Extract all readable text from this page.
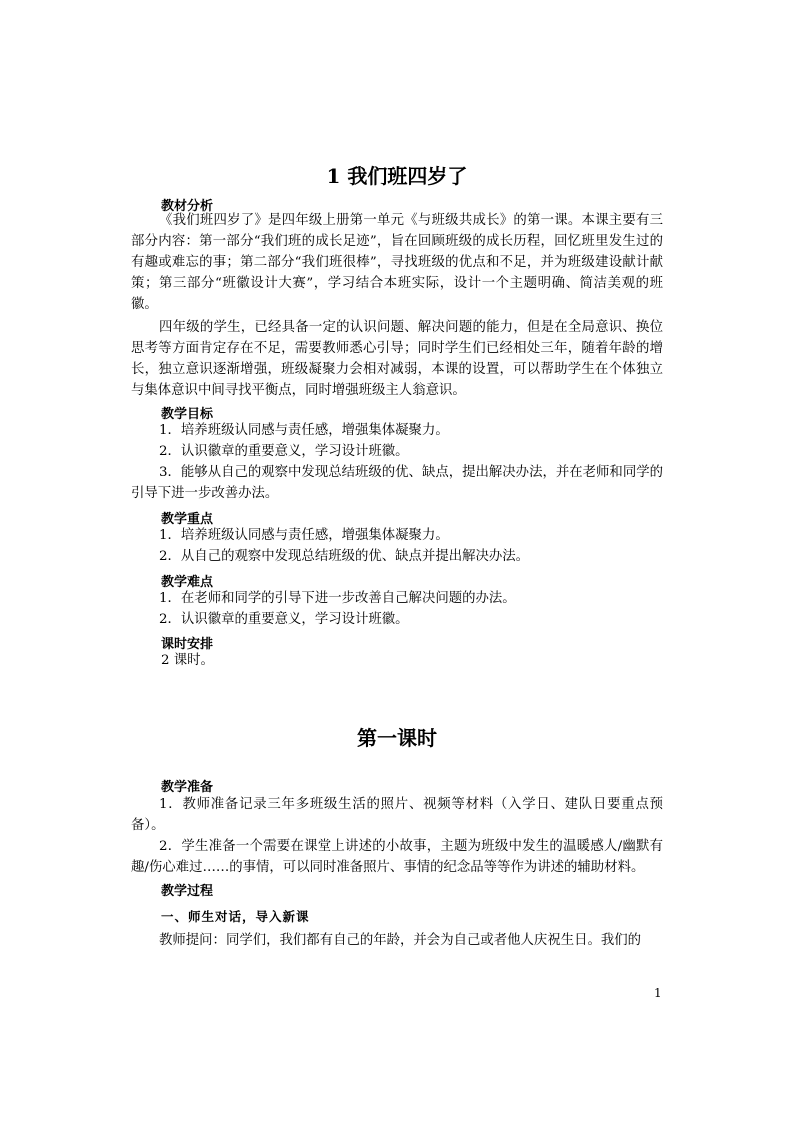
1 我们班四岁了
教材分析
《我们班四岁了》是四年级上册第一单元《与班级共成长》的第一课。本课主要有三部分内容：第一部分“我们班的成长足迹”，旨在回顾班级的成长历程，回忆班里发生过的有趣或难忘的事；第二部分“我们班很棒”，寻找班级的优点和不足，并为班级建设献计献策；第三部分“班徽设计大赛”，学习结合本班实际，设计一个主题明确、简洁美观的班徽。
四年级的学生，已经具备一定的认识问题、解决问题的能力，但是在全局意识、换位思考等方面肯定存在不足，需要教师悉心引导；同时学生们已经相处三年，随着年龄的增长，独立意识逐渐增强，班级凝聚力会相对减弱，本课的设置，可以帮助学生在个体独立与集体意识中间寻找平衡点，同时增强班级主人翁意识。
教学目标
1．培养班级认同感与责任感，增强集体凝聚力。
2．认识徽章的重要意义，学习设计班徽。
3．能够从自己的观察中发现总结班级的优、缺点，提出解决办法，并在老师和同学的引导下进一步改善办法。
教学重点
1．培养班级认同感与责任感，增强集体凝聚力。
2．从自己的观察中发现总结班级的优、缺点并提出解决办法。
教学难点
1．在老师和同学的引导下进一步改善自己解决问题的办法。
2．认识徽章的重要意义，学习设计班徽。
课时安排
2 课时。
第一课时
教学准备
1．教师准备记录三年多班级生活的照片、视频等材料（入学日、建队日要重点预备）。
2．学生准备一个需要在课堂上讲述的小故事，主题为班级中发生的温暖感人/幽默有趣/伤心难过……的事情，可以同时准备照片、事情的纪念品等等作为讲述的辅助材料。
教学过程
一、师生对话，导入新课
教师提问：同学们，我们都有自己的年龄，并会为自己或者他人庆祝生日。我们的
1
